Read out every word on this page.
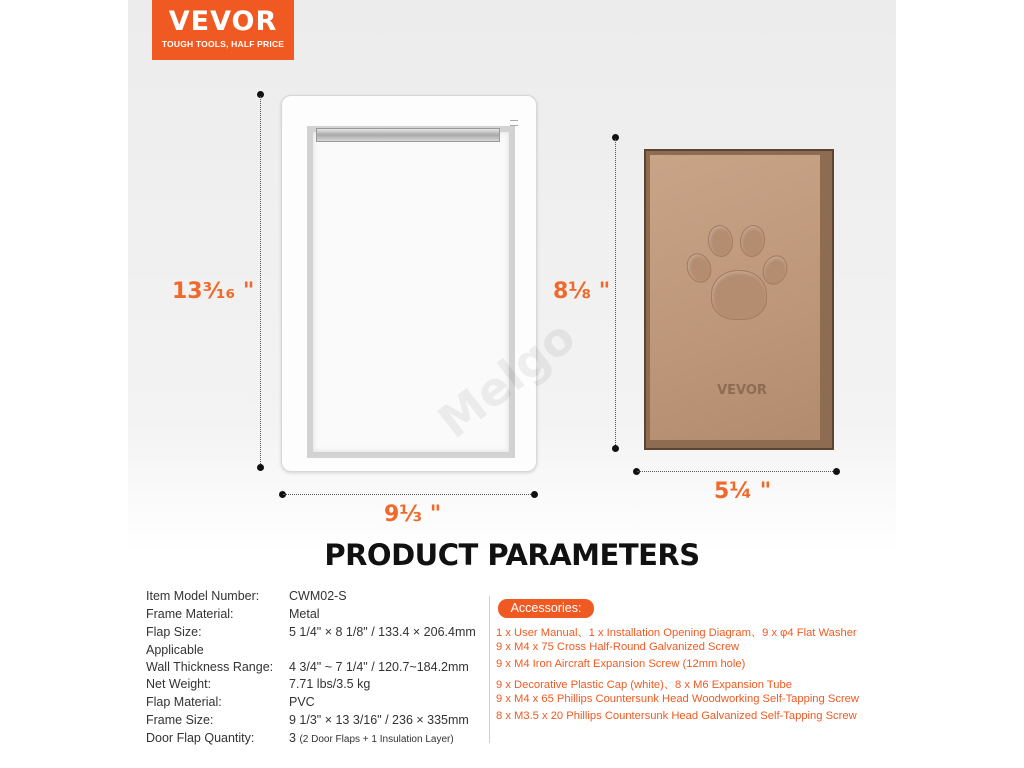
VEVOR
TOUGH TOOLS, HALF PRICE
13³⁄₁₆ "
9⅓ "
Melgo
8⅛ "
5¼ "
VEVOR
PRODUCT PARAMETERS
Item Model Number: CWM02-S
Frame Material:	Metal
Flap Size:	5 1/4" × 8 1/8" / 133.4 × 206.4mm
Applicable
Wall Thickness Range: 4 3/4" ~ 7 1/4" / 120.7~184.2mm
Net Weight:	7.71 lbs/3.5 kg
Flap Material:	PVC
Frame Size:	9 1/3" × 13 3/16" / 236 × 335mm
Door Flap Quantity:	3 (2 Door Flaps + 1 Insulation Layer)
Accessories:
1 x User Manual、1 x Installation Opening Diagram、9 x φ4 Flat Washer
9 x M4 x 75 Cross Half-Round Galvanized Screw
9 x M4 Iron Aircraft Expansion Screw (12mm hole)
9 x Decorative Plastic Cap (white)、8 x M6 Expansion Tube
9 x M4 x 65 Phillips Countersunk Head Woodworking Self-Tapping Screw
8 x M3.5 x 20 Phillips Countersunk Head Galvanized Self-Tapping Screw
